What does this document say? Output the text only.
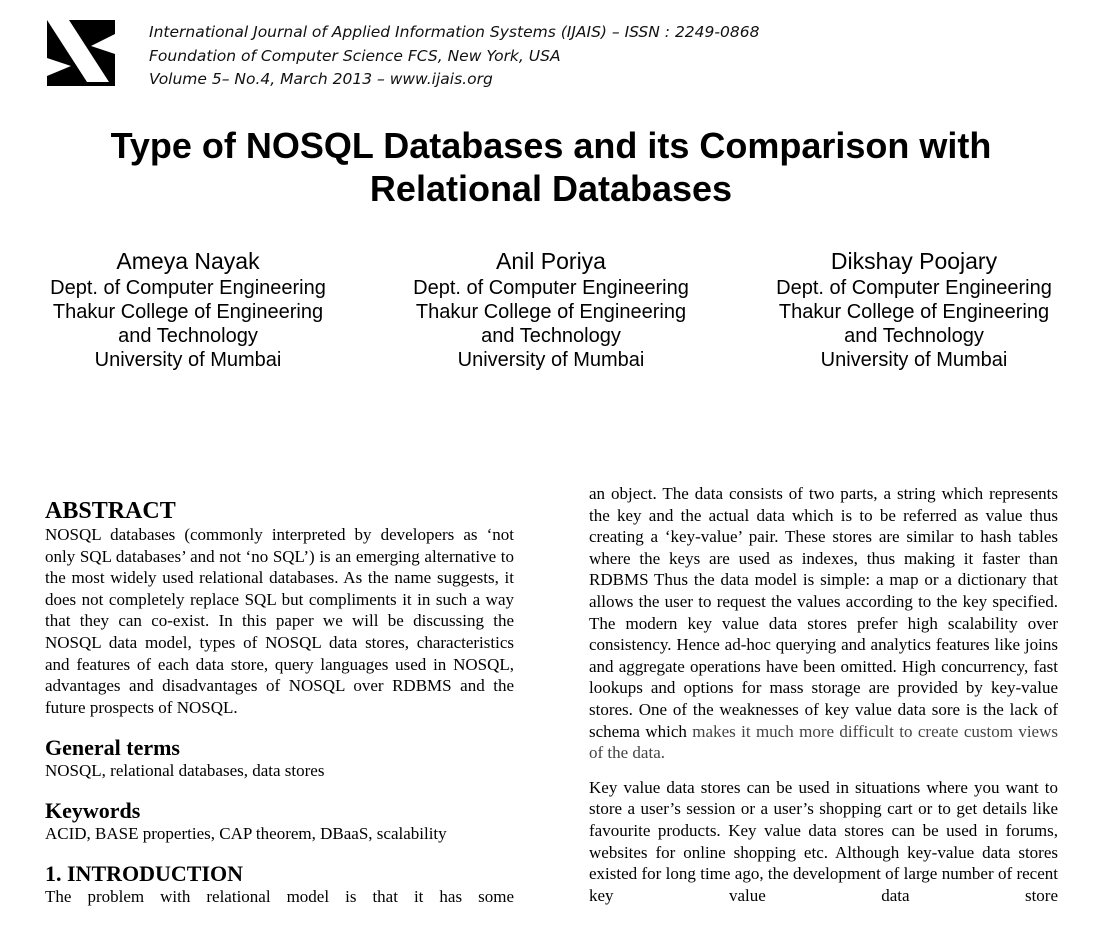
International Journal of Applied Information Systems (IJAIS) – ISSN : 2249-0868
Foundation of Computer Science FCS, New York, USA
Volume 5– No.4, March 2013 – www.ijais.org
Type of NOSQL Databases and its Comparison with
Relational Databases
Ameya Nayak
Dept. of Computer Engineering
Thakur College of Engineering
and Technology
University of Mumbai
Anil Poriya
Dept. of Computer Engineering
Thakur College of Engineering
and Technology
University of Mumbai
Dikshay Poojary
Dept. of Computer Engineering
Thakur College of Engineering
and Technology
University of Mumbai
ABSTRACT

NOSQL databases (commonly interpreted by developers as ‘not only SQL databases’ and not ‘no SQL’) is an emerging alternative to the most widely used relational databases. As the name suggests, it does not completely replace SQL but compliments it in such a way that they can co-exist. In this paper we will be discussing the NOSQL data model, types of NOSQL data stores, characteristics and features of each data store, query languages used in NOSQL, advantages and disadvantages of NOSQL over RDBMS and the future prospects of NOSQL.

General terms

NOSQL, relational databases, data stores

Keywords

ACID, BASE properties, CAP theorem, DBaaS, scalability

1. INTRODUCTION

The problem with relational model is that it has some

an object. The data consists of two parts, a string which represents the key and the actual data which is to be referred as value thus creating a ‘key-value’ pair. These stores are similar to hash tables where the keys are used as indexes, thus making it faster than RDBMS Thus the data model is simple: a map or a dictionary that allows the user to request the values according to the key specified. The modern key value data stores prefer high scalability over consistency. Hence ad-hoc querying and analytics features like joins and aggregate operations have been omitted. High concurrency, fast lookups and options for mass storage are provided by key-value stores. One of the weaknesses of key value data sore is the lack of schema which makes it much more difficult to create custom views of the data.

Key value data stores can be used in situations where you want to store a user’s session or a user’s shopping cart or to get details like favourite products. Key value data stores can be used in forums, websites for online shopping etc. Although key-value data stores existed for long time ago, the development of large number of recent key value data store
